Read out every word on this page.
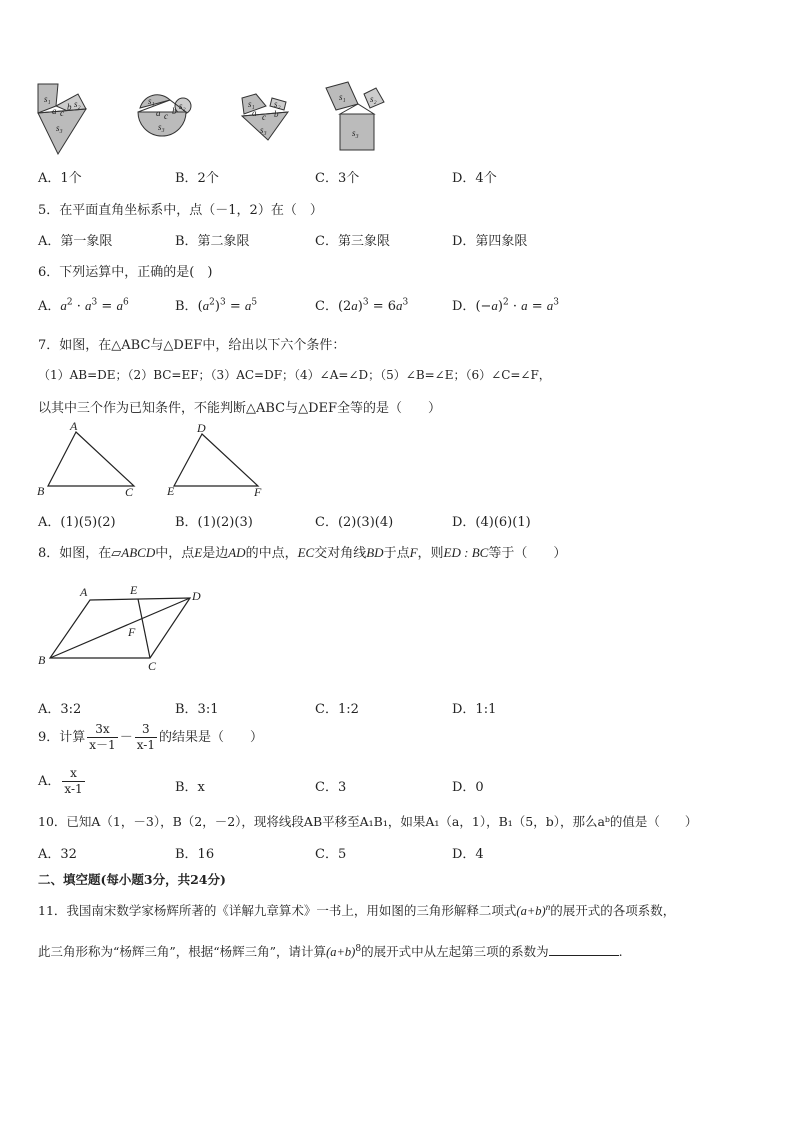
s₁	s₂
s₃
a c
b
s₁	s₂
s₃
a c b
s₁ s₂
s₃
a c b
s₁	s₂
s₃
A．1个	B．2个	C．3个	D．4个
5．在平面直角坐标系中，点（－1，2）在（　）
A．第一象限	B．第二象限	C．第三象限	D．第四象限
6．下列运算中，正确的是(　)
A．$a^2 \cdot a^3 = a^6$	B．$(a^2)^3 = a^5$	C．$(2a)^3 = 6a^3$	D．$(-a)^2 \cdot a = a^3$
7．如图，在△ABC与△DEF中，给出以下六个条件：
（1）AB=DE；（2）BC=EF；（3）AC=DF；（4）∠A=∠D；（5）∠B=∠E；（6）∠C=∠F，
以其中三个作为已知条件，不能判断△ABC与△DEF全等的是（　　）
A
B	C
D
E	F
A．(1)(5)(2)	B．(1)(2)(3)	C．(2)(3)(4)	D．(4)(6)(1)
8．如图，在▱ABCD中，点E是边AD的中点，EC交对角线BD于点F，则ED : BC等于（　　）
A	E	D
F
B	C
A．3:2	B．3:1	C．1:2	D．1:1
9．计算 $\frac{3x}{x-1} - \frac{3}{x-1}$ 的结果是（　　）
A． $\frac{x}{x-1}$	B．x	C．3	D．0
10．已知A（1，－3），B（2，－2），现将线段AB平移至A₁B₁，如果A₁（a，1），B₁（5，b），那么aᵇ的值是（　　）
A．32	B．16	C．5	D．4
二、填空题(每小题3分，共24分)
11．我国南宋数学家杨辉所著的《详解九章算术》一书上，用如图的三角形解释二项式$(a+b)^n$的展开式的各项系数，
此三角形称为“杨辉三角”，根据“杨辉三角”，请计算$(a+b)^8$的展开式中从左起第三项的系数为	.
